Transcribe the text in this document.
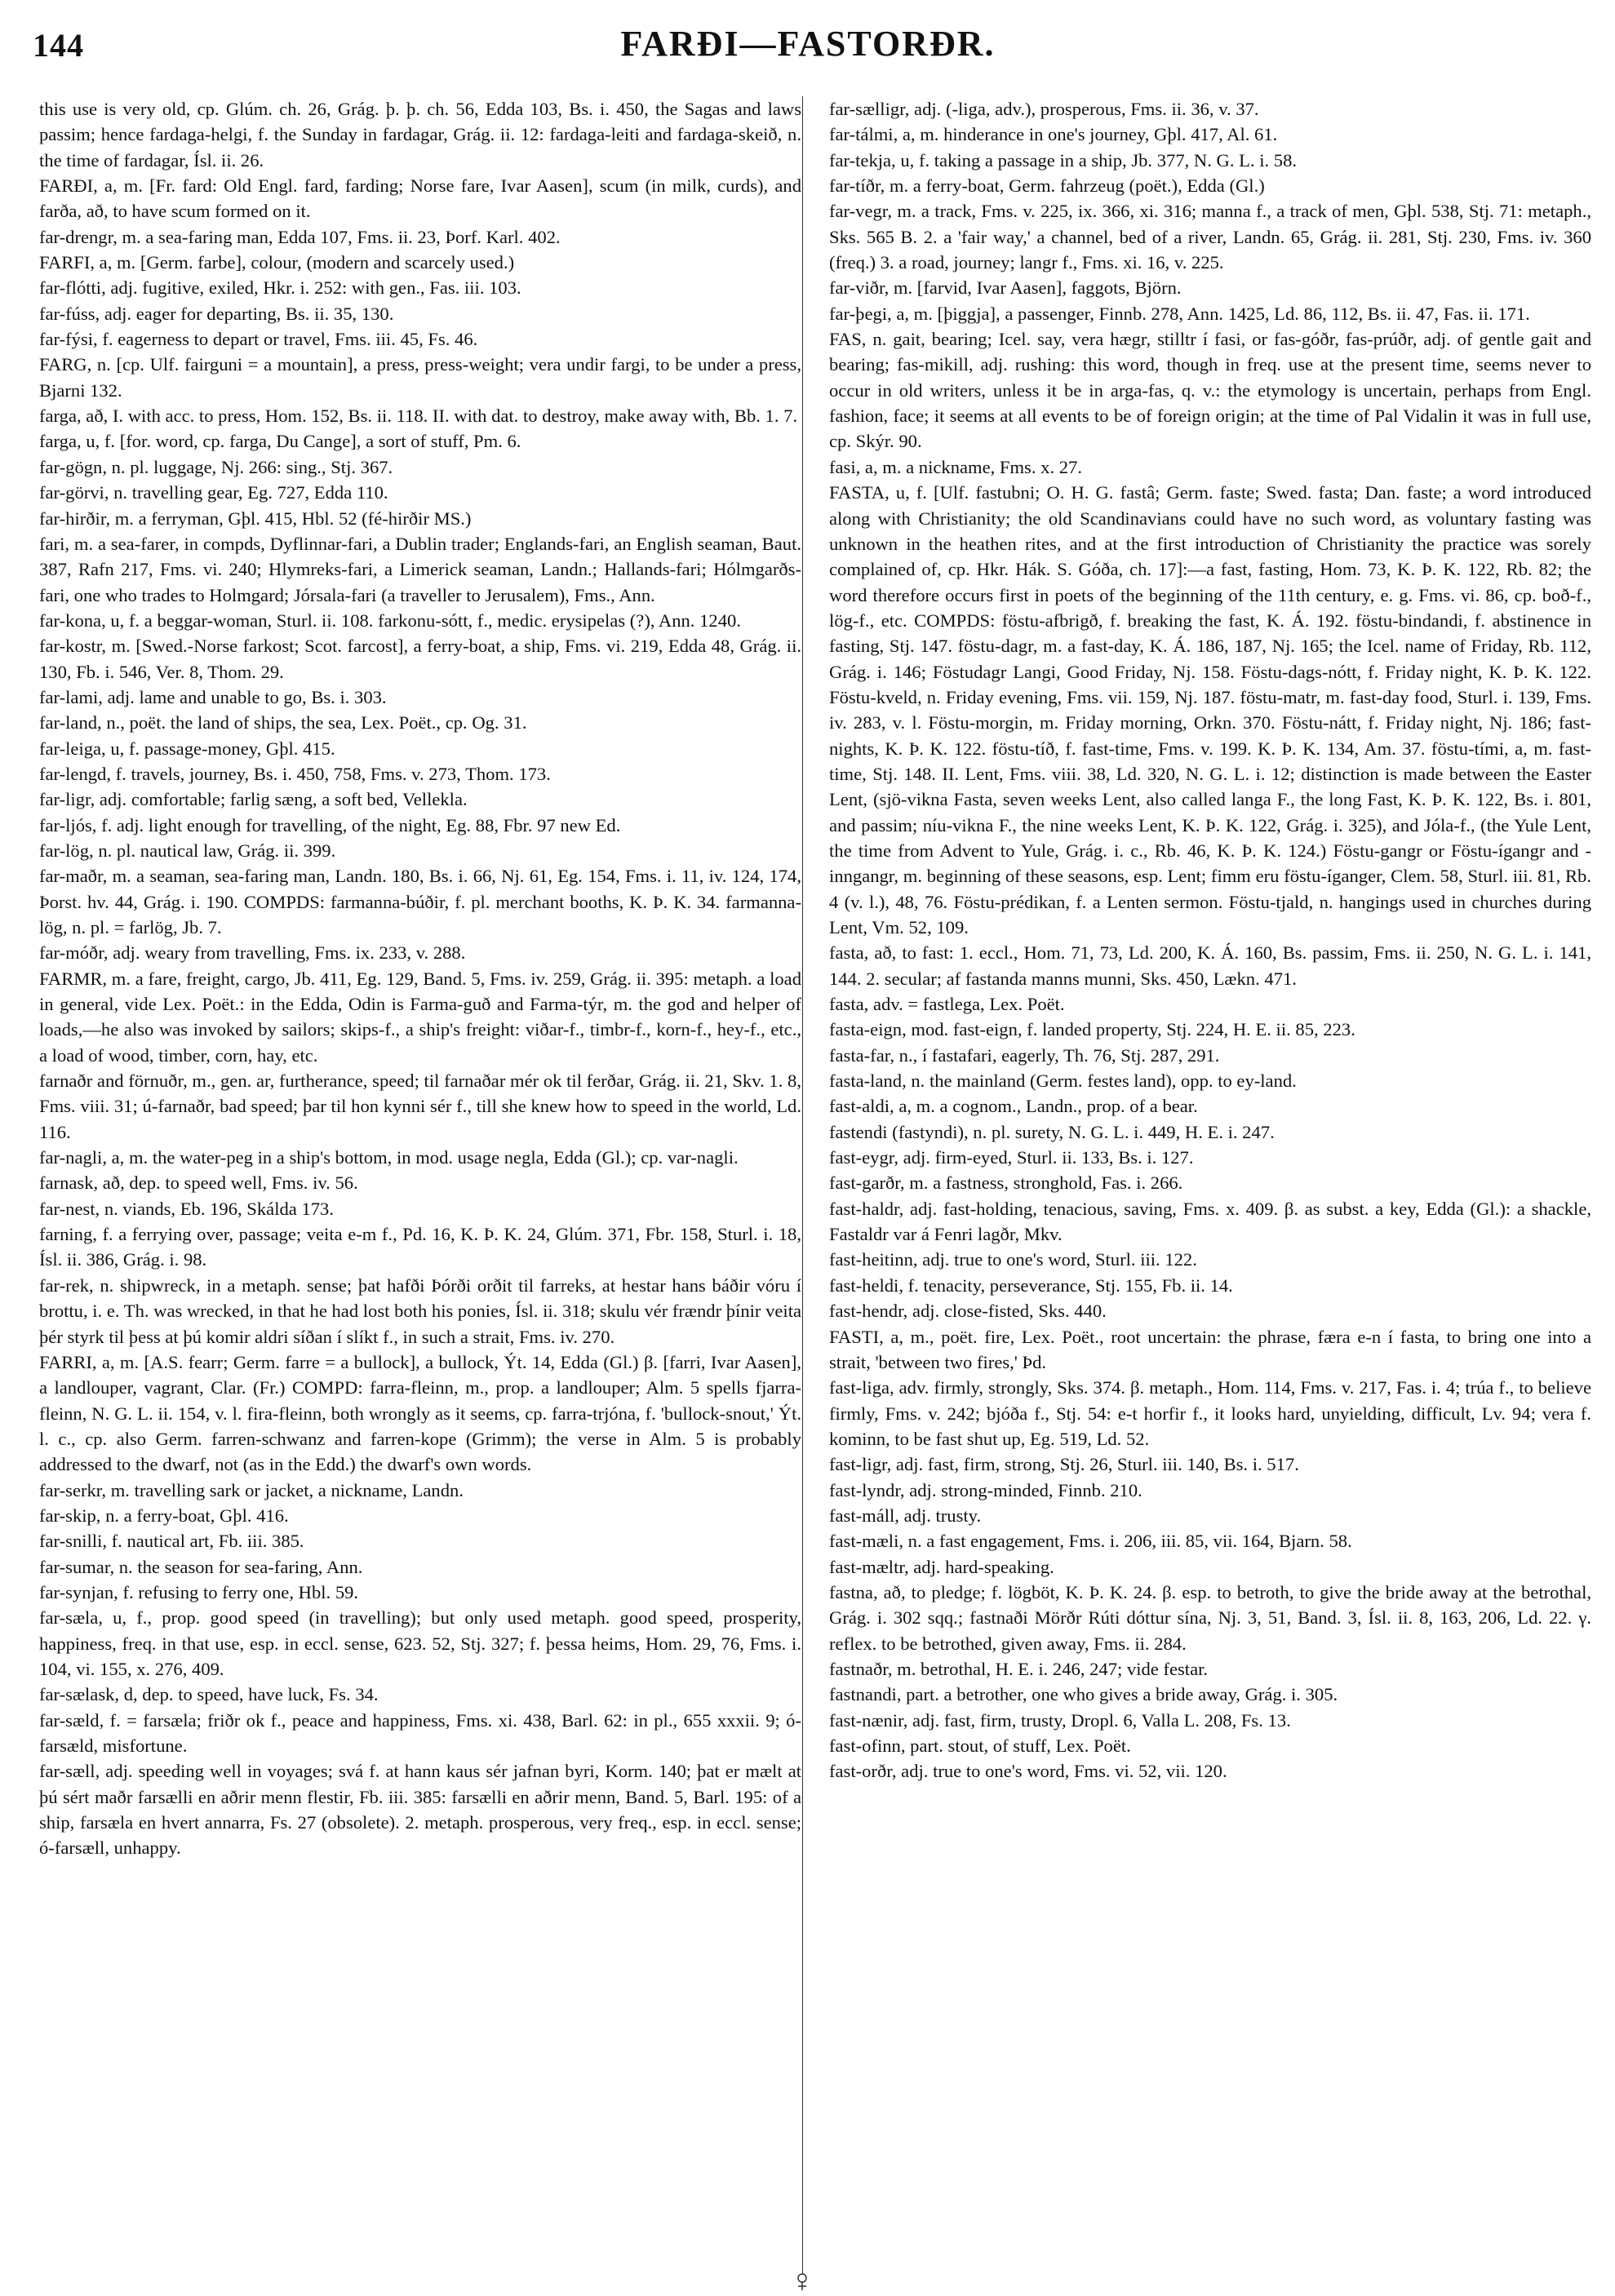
144	FARÐI—FASTORÐR.

this use is very old, cp. Glúm. ch. 26, Grág. þ. þ. ch. 56, Edda 103, Bs. i. 450, the Sagas and laws passim; hence fardaga-helgi, f. the Sunday in fardagar, Grág. ii. 12: fardaga-leiti and fardaga-skeið, n. the time of fardagar, Ísl. ii. 26.

FARÐI, a, m. [Fr. fard: Old Engl. fard, farding; Norse fare, Ivar Aasen], scum (in milk, curds), and farða, að, to have scum formed on it.

far-drengr, m. a sea-faring man, Edda 107, Fms. ii. 23, Þorf. Karl. 402.

FARFI, a, m. [Germ. farbe], colour, (modern and scarcely used.)

far-flótti, adj. fugitive, exiled, Hkr. i. 252: with gen., Fas. iii. 103.

far-fúss, adj. eager for departing, Bs. ii. 35, 130.

far-fýsi, f. eagerness to depart or travel, Fms. iii. 45, Fs. 46.

FARG, n. [cp. Ulf. fairguni = a mountain], a press, press-weight; vera undir fargi, to be under a press, Bjarni 132.

farga, að, I. with acc. to press, Hom. 152, Bs. ii. 118. II. with dat. to destroy, make away with, Bb. 1. 7.

farga, u, f. [for. word, cp. farga, Du Cange], a sort of stuff, Pm. 6.

far-gögn, n. pl. luggage, Nj. 266: sing., Stj. 367.

far-görvi, n. travelling gear, Eg. 727, Edda 110.

far-hirðir, m. a ferryman, Gþl. 415, Hbl. 52 (fé-hirðir MS.)

fari, m. a sea-farer, in compds, Dyflinnar-fari, a Dublin trader; Englands-fari, an English seaman, Baut. 387, Rafn 217, Fms. vi. 240; Hlymreks-fari, a Limerick seaman, Landn.; Hallands-fari; Hólmgarðs-fari, one who trades to Holmgard; Jórsala-fari (a traveller to Jerusalem), Fms., Ann.

far-kona, u, f. a beggar-woman, Sturl. ii. 108. farkonu-sótt, f., medic. erysipelas (?), Ann. 1240.

far-kostr, m. [Swed.-Norse farkost; Scot. farcost], a ferry-boat, a ship, Fms. vi. 219, Edda 48, Grág. ii. 130, Fb. i. 546, Ver. 8, Thom. 29.

far-lami, adj. lame and unable to go, Bs. i. 303.

far-land, n., poët. the land of ships, the sea, Lex. Poët., cp. Og. 31.

far-leiga, u, f. passage-money, Gþl. 415.

far-lengd, f. travels, journey, Bs. i. 450, 758, Fms. v. 273, Thom. 173.

far-ligr, adj. comfortable; farlig sæng, a soft bed, Vellekla.

far-ljós, f. adj. light enough for travelling, of the night, Eg. 88, Fbr. 97 new Ed.

far-lög, n. pl. nautical law, Grág. ii. 399.

far-maðr, m. a seaman, sea-faring man, Landn. 180, Bs. i. 66, Nj. 61, Eg. 154, Fms. i. 11, iv. 124, 174, Þorst. hv. 44, Grág. i. 190. COMPDS: farmanna-búðir, f. pl. merchant booths, K. Þ. K. 34. farmanna-lög, n. pl. = farlög, Jb. 7.

far-móðr, adj. weary from travelling, Fms. ix. 233, v. 288.

FARMR, m. a fare, freight, cargo, Jb. 411, Eg. 129, Band. 5, Fms. iv. 259, Grág. ii. 395: metaph. a load in general, vide Lex. Poët.: in the Edda, Odin is Farma-guð and Farma-týr, m. the god and helper of loads,—he also was invoked by sailors; skips-f., a ship's freight: viðar-f., timbr-f., korn-f., hey-f., etc., a load of wood, timber, corn, hay, etc.

farnaðr and förnuðr, m., gen. ar, furtherance, speed; til farnaðar mér ok til ferðar, Grág. ii. 21, Skv. 1. 8, Fms. viii. 31; ú-farnaðr, bad speed; þar til hon kynni sér f., till she knew how to speed in the world, Ld. 116.

far-nagli, a, m. the water-peg in a ship's bottom, in mod. usage negla, Edda (Gl.); cp. var-nagli.

farnask, að, dep. to speed well, Fms. iv. 56.

far-nest, n. viands, Eb. 196, Skálda 173.

farning, f. a ferrying over, passage; veita e-m f., Pd. 16, K. Þ. K. 24, Glúm. 371, Fbr. 158, Sturl. i. 18, Ísl. ii. 386, Grág. i. 98.

far-rek, n. shipwreck, in a metaph. sense; þat hafði Þórði orðit til farreks, at hestar hans báðir vóru í brottu, i. e. Th. was wrecked, in that he had lost both his ponies, Ísl. ii. 318; skulu vér frændr þínir veita þér styrk til þess at þú komir aldri síðan í slíkt f., in such a strait, Fms. iv. 270.

FARRI, a, m. [A.S. fearr; Germ. farre = a bullock], a bullock, Ýt. 14, Edda (Gl.) β. [farri, Ivar Aasen], a landlouper, vagrant, Clar. (Fr.) COMPD: farra-fleinn, m., prop. a landlouper; Alm. 5 spells fjarra-fleinn, N. G. L. ii. 154, v. l. fira-fleinn, both wrongly as it seems, cp. farra-trjóna, f. 'bullock-snout,' Ýt. l. c., cp. also Germ. farren-schwanz and farren-kope (Grimm); the verse in Alm. 5 is probably addressed to the dwarf, not (as in the Edd.) the dwarf's own words.

far-serkr, m. travelling sark or jacket, a nickname, Landn.

far-skip, n. a ferry-boat, Gþl. 416.

far-snilli, f. nautical art, Fb. iii. 385.

far-sumar, n. the season for sea-faring, Ann.

far-synjan, f. refusing to ferry one, Hbl. 59.

far-sæla, u, f., prop. good speed (in travelling); but only used metaph. good speed, prosperity, happiness, freq. in that use, esp. in eccl. sense, 623. 52, Stj. 327; f. þessa heims, Hom. 29, 76, Fms. i. 104, vi. 155, x. 276, 409.

far-sælask, d, dep. to speed, have luck, Fs. 34.

far-sæld, f. = farsæla; friðr ok f., peace and happiness, Fms. xi. 438, Barl. 62: in pl., 655 xxxii. 9; ó-farsæld, misfortune.

far-sæll, adj. speeding well in voyages; svá f. at hann kaus sér jafnan byri, Korm. 140; þat er mælt at þú sért maðr farsælli en aðrir menn flestir, Fb. iii. 385: farsælli en aðrir menn, Band. 5, Barl. 195: of a ship, farsæla en hvert annarra, Fs. 27 (obsolete). 2. metaph. prosperous, very freq., esp. in eccl. sense; ó-farsæll, unhappy.

far-sælligr, adj. (-liga, adv.), prosperous, Fms. ii. 36, v. 37.

far-tálmi, a, m. hinderance in one's journey, Gþl. 417, Al. 61.

far-tekja, u, f. taking a passage in a ship, Jb. 377, N. G. L. i. 58.

far-tíðr, m. a ferry-boat, Germ. fahrzeug (poët.), Edda (Gl.)

far-vegr, m. a track, Fms. v. 225, ix. 366, xi. 316; manna f., a track of men, Gþl. 538, Stj. 71: metaph., Sks. 565 B. 2. a 'fair way,' a channel, bed of a river, Landn. 65, Grág. ii. 281, Stj. 230, Fms. iv. 360 (freq.) 3. a road, journey; langr f., Fms. xi. 16, v. 225.

far-viðr, m. [farvid, Ivar Aasen], faggots, Björn.

far-þegi, a, m. [þiggja], a passenger, Finnb. 278, Ann. 1425, Ld. 86, 112, Bs. ii. 47, Fas. ii. 171.

FAS, n. gait, bearing; Icel. say, vera hægr, stilltr í fasi, or fas-góðr, fas-prúðr, adj. of gentle gait and bearing; fas-mikill, adj. rushing: this word, though in freq. use at the present time, seems never to occur in old writers, unless it be in arga-fas, q. v.: the etymology is uncertain, perhaps from Engl. fashion, face; it seems at all events to be of foreign origin; at the time of Pal Vidalin it was in full use, cp. Skýr. 90.

fasi, a, m. a nickname, Fms. x. 27.

FASTA, u, f. [Ulf. fastubni; O. H. G. fastâ; Germ. faste; Swed. fasta; Dan. faste; a word introduced along with Christianity; the old Scandinavians could have no such word, as voluntary fasting was unknown in the heathen rites, and at the first introduction of Christianity the practice was sorely complained of, cp. Hkr. Hák. S. Góða, ch. 17]:—a fast, fasting, Hom. 73, K. Þ. K. 122, Rb. 82; the word therefore occurs first in poets of the beginning of the 11th century, e. g. Fms. vi. 86, cp. boð-f., lög-f., etc. COMPDS: föstu-afbrigð, f. breaking the fast, K. Á. 192. föstu-bindandi, f. abstinence in fasting, Stj. 147. föstu-dagr, m. a fast-day, K. Á. 186, 187, Nj. 165; the Icel. name of Friday, Rb. 112, Grág. i. 146; Föstudagr Langi, Good Friday, Nj. 158. Föstu-dags-nótt, f. Friday night, K. Þ. K. 122. Föstu-kveld, n. Friday evening, Fms. vii. 159, Nj. 187. föstu-matr, m. fast-day food, Sturl. i. 139, Fms. iv. 283, v. l. Föstu-morgin, m. Friday morning, Orkn. 370. Föstu-nátt, f. Friday night, Nj. 186; fast-nights, K. Þ. K. 122. föstu-tíð, f. fast-time, Fms. v. 199. K. Þ. K. 134, Am. 37. föstu-tími, a, m. fast-time, Stj. 148. II. Lent, Fms. viii. 38, Ld. 320, N. G. L. i. 12; distinction is made between the Easter Lent, (sjö-vikna Fasta, seven weeks Lent, also called langa F., the long Fast, K. Þ. K. 122, Bs. i. 801, and passim; níu-vikna F., the nine weeks Lent, K. Þ. K. 122, Grág. i. 325), and Jóla-f., (the Yule Lent, the time from Advent to Yule, Grág. i. c., Rb. 46, K. Þ. K. 124.) Föstu-gangr or Föstu-ígangr and -inngangr, m. beginning of these seasons, esp. Lent; fimm eru föstu-íganger, Clem. 58, Sturl. iii. 81, Rb. 4 (v. l.), 48, 76. Föstu-prédikan, f. a Lenten sermon. Föstu-tjald, n. hangings used in churches during Lent, Vm. 52, 109.

fasta, að, to fast: 1. eccl., Hom. 71, 73, Ld. 200, K. Á. 160, Bs. passim, Fms. ii. 250, N. G. L. i. 141, 144. 2. secular; af fastanda manns munni, Sks. 450, Lækn. 471.

fasta, adv. = fastlega, Lex. Poët.

fasta-eign, mod. fast-eign, f. landed property, Stj. 224, H. E. ii. 85, 223.

fasta-far, n., í fastafari, eagerly, Th. 76, Stj. 287, 291.

fasta-land, n. the mainland (Germ. festes land), opp. to ey-land.

fast-aldi, a, m. a cognom., Landn., prop. of a bear.

fastendi (fastyndi), n. pl. surety, N. G. L. i. 449, H. E. i. 247.

fast-eygr, adj. firm-eyed, Sturl. ii. 133, Bs. i. 127.

fast-garðr, m. a fastness, stronghold, Fas. i. 266.

fast-haldr, adj. fast-holding, tenacious, saving, Fms. x. 409. β. as subst. a key, Edda (Gl.): a shackle, Fastaldr var á Fenri lagðr, Mkv.

fast-heitinn, adj. true to one's word, Sturl. iii. 122.

fast-heldi, f. tenacity, perseverance, Stj. 155, Fb. ii. 14.

fast-hendr, adj. close-fisted, Sks. 440.

FASTI, a, m., poët. fire, Lex. Poët., root uncertain: the phrase, færa e-n í fasta, to bring one into a strait, 'between two fires,' Þd.

fast-liga, adv. firmly, strongly, Sks. 374. β. metaph., Hom. 114, Fms. v. 217, Fas. i. 4; trúa f., to believe firmly, Fms. v. 242; bjóða f., Stj. 54: e-t horfir f., it looks hard, unyielding, difficult, Lv. 94; vera f. kominn, to be fast shut up, Eg. 519, Ld. 52.

fast-ligr, adj. fast, firm, strong, Stj. 26, Sturl. iii. 140, Bs. i. 517.

fast-lyndr, adj. strong-minded, Finnb. 210.

fast-máll, adj. trusty.

fast-mæli, n. a fast engagement, Fms. i. 206, iii. 85, vii. 164, Bjarn. 58.

fast-mæltr, adj. hard-speaking.

fastna, að, to pledge; f. lögböt, K. Þ. K. 24. β. esp. to betroth, to give the bride away at the betrothal, Grág. i. 302 sqq.; fastnaði Mörðr Rúti dóttur sína, Nj. 3, 51, Band. 3, Ísl. ii. 8, 163, 206, Ld. 22. γ. reflex. to be betrothed, given away, Fms. ii. 284.

fastnaðr, m. betrothal, H. E. i. 246, 247; vide festar.

fastnandi, part. a betrother, one who gives a bride away, Grág. i. 305.

fast-nænir, adj. fast, firm, trusty, Dropl. 6, Valla L. 208, Fs. 13.

fast-ofinn, part. stout, of stuff, Lex. Poët.

fast-orðr, adj. true to one's word, Fms. vi. 52, vii. 120.
